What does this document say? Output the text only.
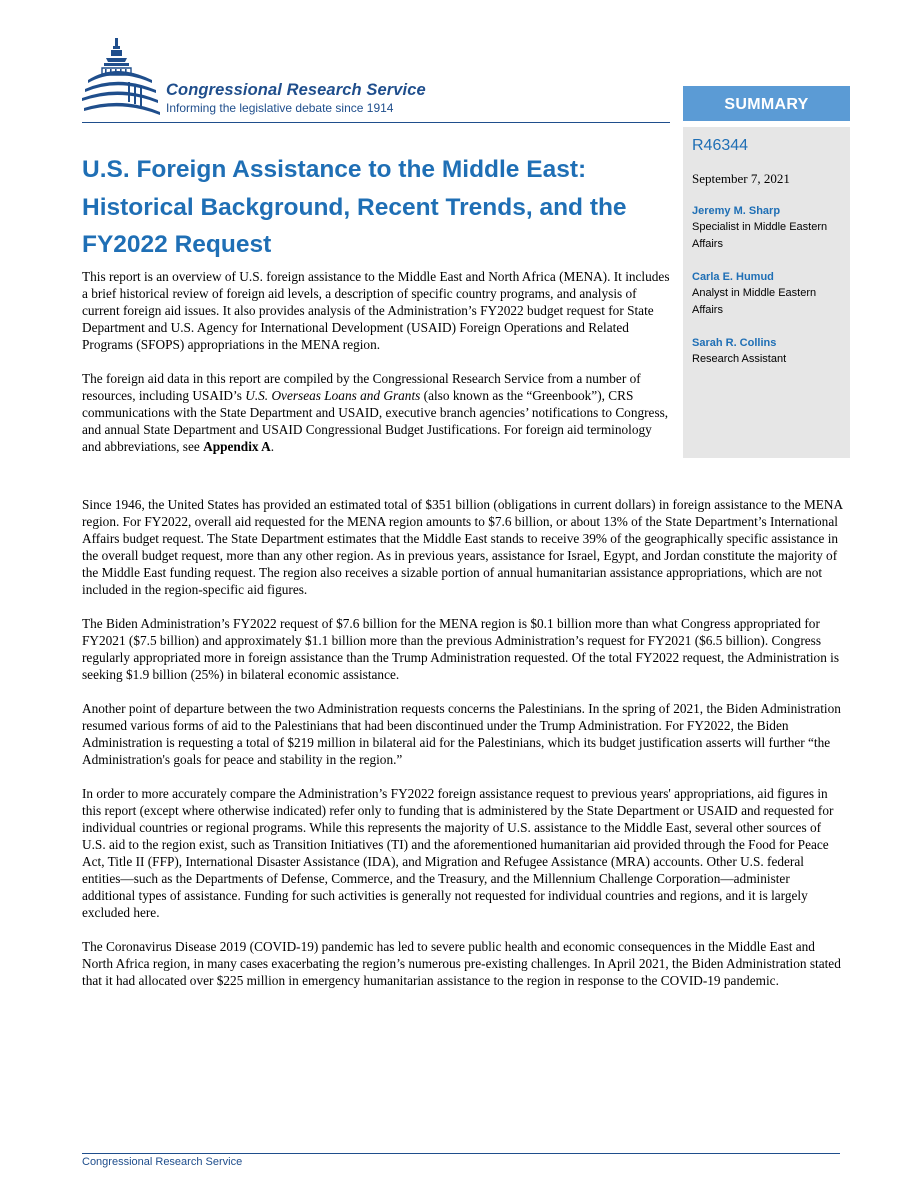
Congressional Research Service
Informing the legislative debate since 1914	SUMMARY
R46344
September 7, 2021
Jeremy M. Sharp
Specialist in Middle Eastern Affairs
Carla E. Humud
Analyst in Middle Eastern Affairs
Sarah R. Collins
Research Assistant
U.S. Foreign Assistance to the Middle East: Historical Background, Recent Trends, and the FY2022 Request

This report is an overview of U.S. foreign assistance to the Middle East and North Africa (MENA). It includes a brief historical review of foreign aid levels, a description of specific country programs, and analysis of current foreign aid issues. It also provides analysis of the Administration’s FY2022 budget request for State Department and U.S. Agency for International Development (USAID) Foreign Operations and Related Programs (SFOPS) appropriations in the MENA region.

The foreign aid data in this report are compiled by the Congressional Research Service from a number of resources, including USAID’s U.S. Overseas Loans and Grants (also known as the “Greenbook”), CRS communications with the State Department and USAID, executive branch agencies’ notifications to Congress, and annual State Department and USAID Congressional Budget Justifications. For foreign aid terminology and abbreviations, see Appendix A.

Since 1946, the United States has provided an estimated total of $351 billion (obligations in current dollars) in foreign assistance to the MENA region. For FY2022, overall aid requested for the MENA region amounts to $7.6 billion, or about 13% of the State Department’s International Affairs budget request. The State Department estimates that the Middle East stands to receive 39% of the geographically specific assistance in the overall budget request, more than any other region. As in previous years, assistance for Israel, Egypt, and Jordan constitute the majority of the Middle East funding request. The region also receives a sizable portion of annual humanitarian assistance appropriations, which are not included in the region-specific aid figures.

The Biden Administration’s FY2022 request of $7.6 billion for the MENA region is $0.1 billion more than what Congress appropriated for FY2021 ($7.5 billion) and approximately $1.1 billion more than the previous Administration’s request for FY2021 ($6.5 billion). Congress regularly appropriated more in foreign assistance than the Trump Administration requested. Of the total FY2022 request, the Administration is seeking $1.9 billion (25%) in bilateral economic assistance.

Another point of departure between the two Administration requests concerns the Palestinians. In the spring of 2021, the Biden Administration resumed various forms of aid to the Palestinians that had been discontinued under the Trump Administration. For FY2022, the Biden Administration is requesting a total of $219 million in bilateral aid for the Palestinians, which its budget justification asserts will further “the Administration's goals for peace and stability in the region.”

In order to more accurately compare the Administration’s FY2022 foreign assistance request to previous years' appropriations, aid figures in this report (except where otherwise indicated) refer only to funding that is administered by the State Department or USAID and requested for individual countries or regional programs. While this represents the majority of U.S. assistance to the Middle East, several other sources of U.S. aid to the region exist, such as Transition Initiatives (TI) and the aforementioned humanitarian aid provided through the Food for Peace Act, Title II (FFP), International Disaster Assistance (IDA), and Migration and Refugee Assistance (MRA) accounts. Other U.S. federal entities—such as the Departments of Defense, Commerce, and the Treasury, and the Millennium Challenge Corporation—administer additional types of assistance. Funding for such activities is generally not requested for individual countries and regions, and it is largely excluded here.

The Coronavirus Disease 2019 (COVID-19) pandemic has led to severe public health and economic consequences in the Middle East and North Africa region, in many cases exacerbating the region’s numerous pre-existing challenges. In April 2021, the Biden Administration stated that it had allocated over $225 million in emergency humanitarian assistance to the region in response to the COVID-19 pandemic.

Congressional Research Service
